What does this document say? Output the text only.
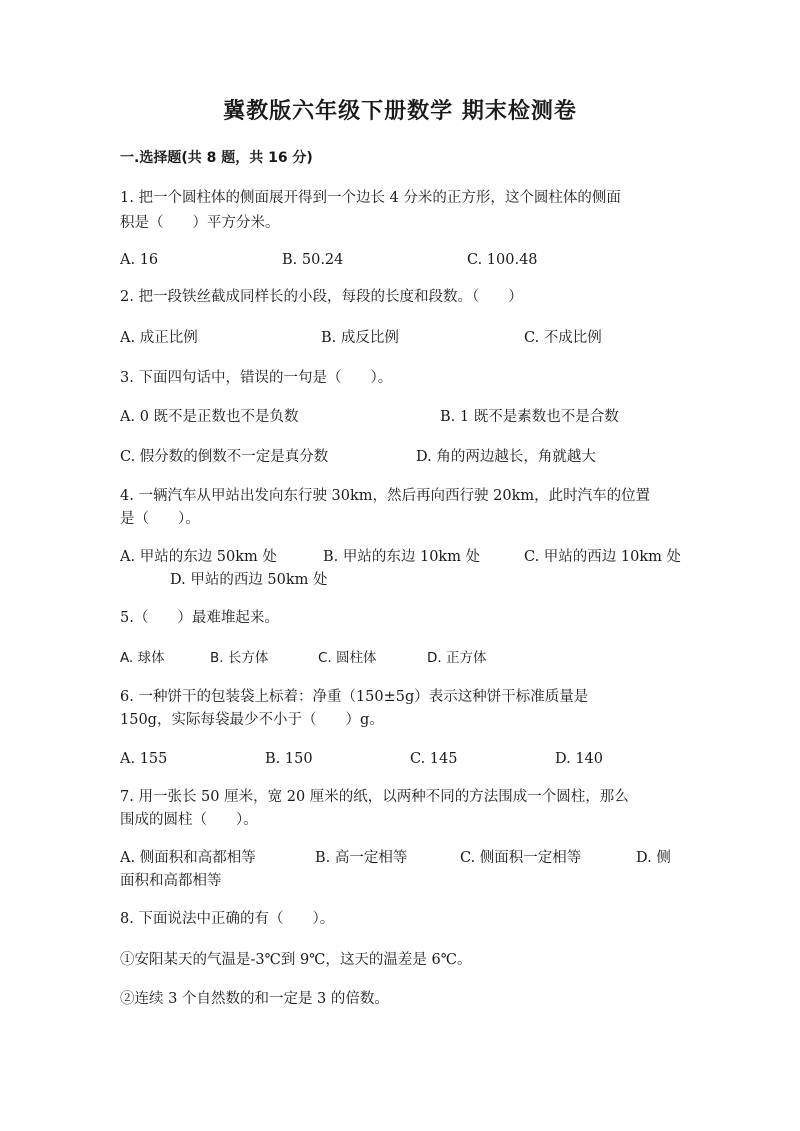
冀教版六年级下册数学 期末检测卷
一.选择题(共 8 题，共 16 分)
1. 把一个圆柱体的侧面展开得到一个边长 4 分米的正方形，这个圆柱体的侧面
积是（　　）平方分米。
A. 16	B. 50.24	C. 100.48
2. 把一段铁丝截成同样长的小段，每段的长度和段数。（　　）
A. 成正比例	B. 成反比例	C. 不成比例
3. 下面四句话中，错误的一句是（　　）。
A. 0 既不是正数也不是负数	B. 1 既不是素数也不是合数
C. 假分数的倒数不一定是真分数	D. 角的两边越长，角就越大
4. 一辆汽车从甲站出发向东行驶 30km，然后再向西行驶 20km，此时汽车的位置
是（　　）。
A. 甲站的东边 50km 处	B. 甲站的东边 10km 处	C. 甲站的西边 10km 处
D. 甲站的西边 50km 处
5.（　　）最难堆起来。
A. 球体	B. 长方体	C. 圆柱体	D. 正方体
6. 一种饼干的包装袋上标着：净重（150±5g）表示这种饼干标准质量是
150g，实际每袋最少不小于（　　）g。
A. 155	B. 150	C. 145	D. 140
7. 用一张长 50 厘米，宽 20 厘米的纸，以两种不同的方法围成一个圆柱，那么
围成的圆柱（　　）。
A. 侧面积和高都相等	B. 高一定相等	C. 侧面积一定相等	D. 侧
面积和高都相等
8. 下面说法中正确的有（　　）。
①安阳某天的气温是-3℃到 9℃，这天的温差是 6℃。
②连续 3 个自然数的和一定是 3 的倍数。
